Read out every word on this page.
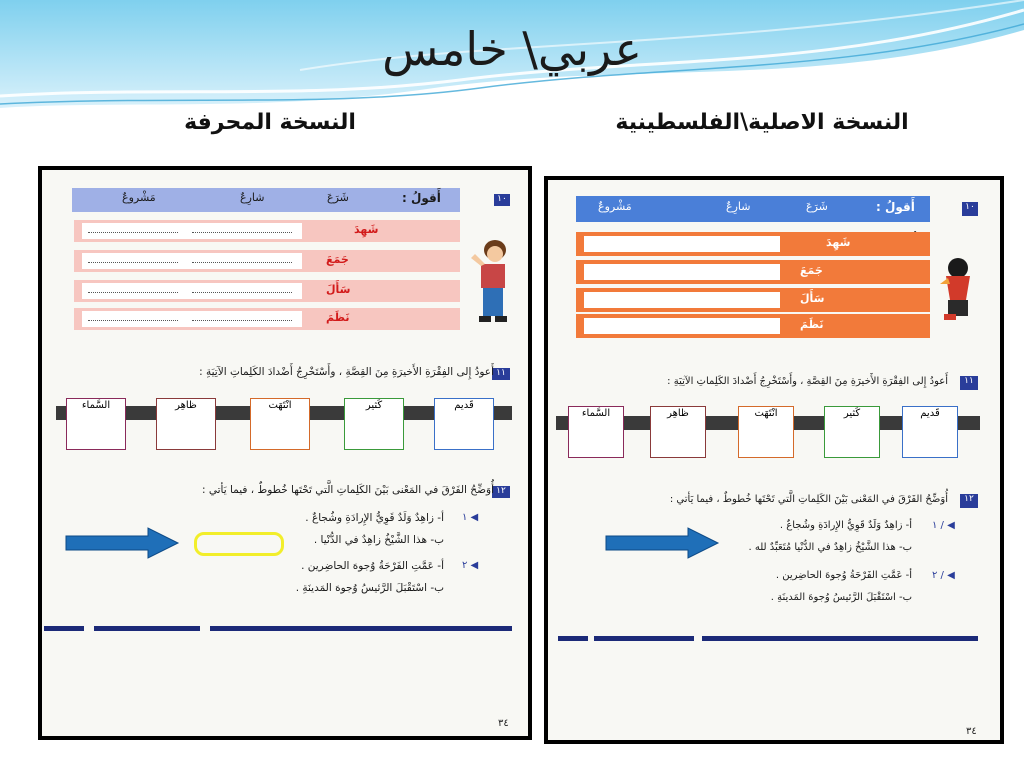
عربي\ خامس
النسخة الاصلية\الفلسطينية
النسخة المحرفة
١٠
أَقولُ :
شَرَعَ
شارِعٌ
مَشْروعٌ
شَهِدَ
جَمَعَ
سَأَلَ
نَظَمَ
١١
أَعودُ إِلى الفِقْرَةِ الأَخيرَةِ مِنَ القِصَّةِ ، وأَسْتَخْرِجُ أَضْدادَ الكَلِماتِ الآتِيَةِ :
قَديم
كَثير
انْتَهَت
ظاهِر
السَّماء
١٢
أُوَضِّحُ الفَرْقَ في المَعْنى بَيْنَ الكَلِماتِ الَّتي تَحْتَها خُطوطٌ ، فيما يَأتي :
١ ◀
أ- زاهِدٌ وَلَدٌ قَوِيُّ الإِرادَةِ وشُجاعٌ .
ب- هذا الشَّيْخُ زاهِدٌ في الدُّنْيا .
٢ ◀
أ- عَمَّتِ الفَرْحَةُ وُجوهَ الحاضِرين .
ب- اسْتَقْبَلَ الرَّئيسُ وُجوهَ المَدينَةِ .
٣٤
١٠
أَقولُ :
شَرَعَ
شارِعٌ
مَشْروعٌ
شَهِدَ
جَمَعَ
سَأَلَ
نَظَمَ
١١
أَعودُ إِلى الفِقْرَةِ الأَخيرَةِ مِنَ القِصَّةِ ، وأَسْتَخْرِجُ أَضْدادَ الكَلِماتِ الآتِيَةِ :
قَديم
كَثير
انْتَهَت
ظاهِر
السَّماء
١٢
أُوَضِّحُ الفَرْقَ في المَعْنى بَيْنَ الكَلِماتِ الَّتي تَحْتَها خُطوطٌ ، فيما يَأتي :
١ / ◀
أ- زاهِدٌ وَلَدٌ قَوِيُّ الإِرادَةِ وشُجاعٌ .
ب- هذا الشَّيْخُ زاهِدٌ في الدُّنْيا مُتَعَبِّدٌ لله .
٢ / ◀
أ- عَمَّتِ الفَرْحَةُ وُجوهَ الحاضِرين .
ب- اسْتَقْبَلَ الرَّئيسُ وُجوهَ المَدينَةِ .
٣٤
